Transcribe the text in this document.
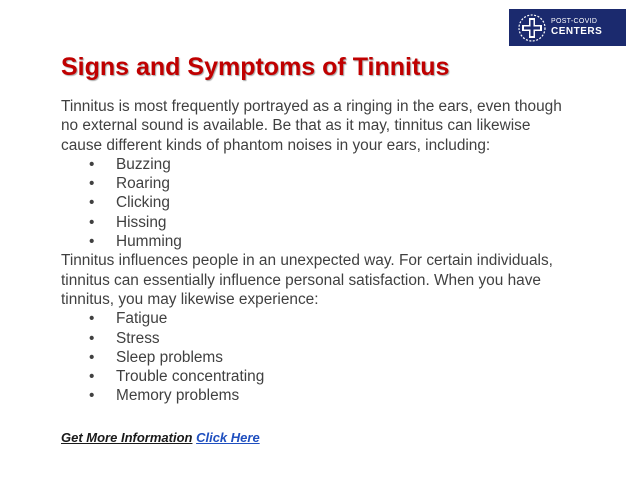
POST-COVID
CENTERS
Signs and Symptoms of Tinnitus

Tinnitus is most frequently portrayed as a ringing in the ears, even though
no external sound is available. Be that as it may, tinnitus can likewise
cause different kinds of phantom noises in your ears, including:

•	Buzzing
•	Roaring
•	Clicking
•	Hissing
•	Humming

Tinnitus influences people in an unexpected way. For certain individuals,
tinnitus can essentially influence personal satisfaction. When you have
tinnitus, you may likewise experience:

•	Fatigue
•	Stress
•	Sleep problems
•	Trouble concentrating
•	Memory problems
Get More Information Click Here
